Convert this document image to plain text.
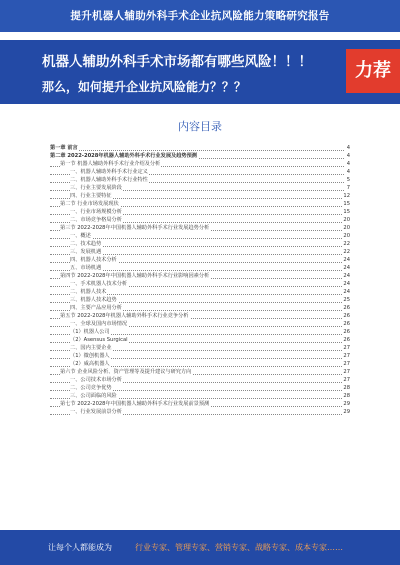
提升机器人辅助外科手术企业抗风险能力策略研究报告
机器人辅助外科手术市场都有哪些风险！！！
那么，如何提升企业抗风险能力？？？
力荐
内容目录
第一章 前言	4
第二章 2022-2028年机器人辅助外科手术行业发展及趋势预测	4
第一节 机器人辅助外科手术行业介绍及分析	4
一、机器人辅助外科手术行业定义	4
二、机器人辅助外科手术行业特性	5
三、行业主要发展阶段	7
四、行业主要特征	12
第二节 行业市场发展现状	15
一、行业市场规模分析	15
二、市场竞争格局分析	20
第三节 2022-2028年中国机器人辅助外科手术行业发展趋势分析	20
一、概述	20
二、技术趋势	22
三、发展机遇	22
四、机器人技术分析	24
五、市场机遇	24
第四节 2022-2028年中国机器人辅助外科手术行业影响因素分析	24
一、手术机器人技术分析	24
二、机器人技术	24
三、机器人技术趋势	25
四、主要产品应用分析	26
第五节 2022-2028年机器人辅助外科手术行业竞争分析	26
一、全球及国内市场情况	26
（1）机器人公司	26
（2）Asensus Surgical	26
二、国内主要企业	27
（1）微创机器人	27
（2）威高机器人	27
第六节 企业风险分析、资产管理等及提升建议与研究方向	27
一、公司技术市场分析	27
二、公司竞争优势	28
三、公司面临的风险	28
第七节 2022-2028年中国机器人辅助外科手术行业发展前景预测	29
一、行业发展前景分析	29
让每个人都能成为	行业专家、管理专家、营销专家、战略专家、成本专家……
